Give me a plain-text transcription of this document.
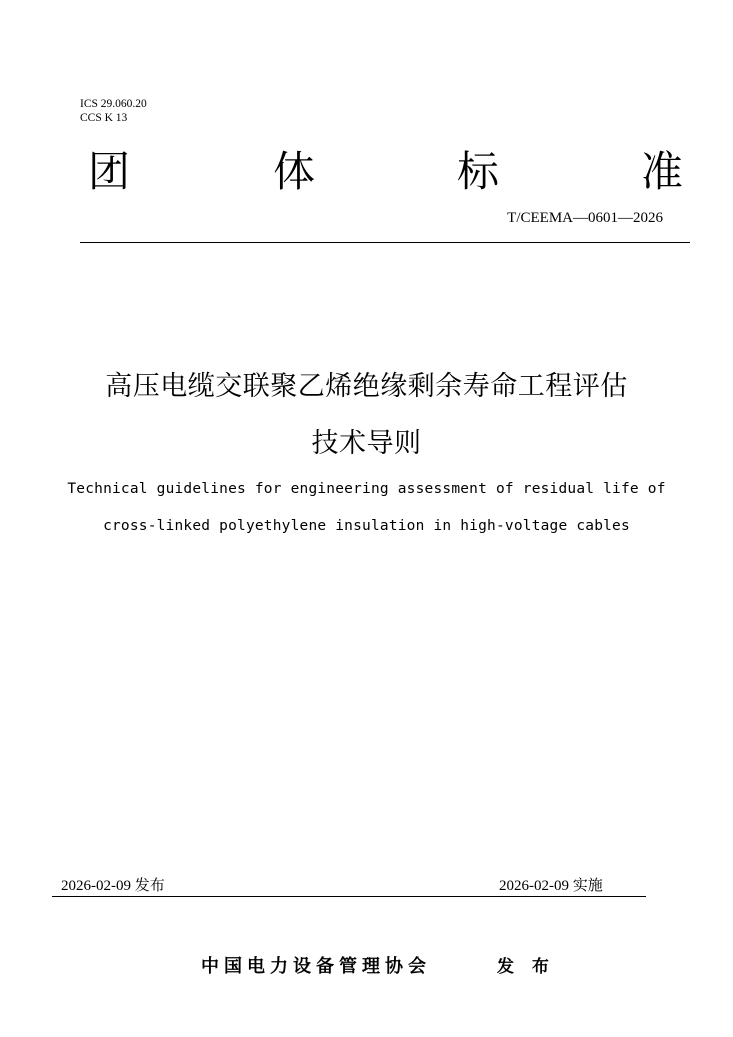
ICS 29.060.20
CCS K 13
团	体	标	准
T/CEEMA—0601—2026
高压电缆交联聚乙烯绝缘剩余寿命工程评估
技术导则
Technical guidelines for engineering assessment of residual life of
cross-linked polyethylene insulation in high-voltage cables
2026-02-09 发布	2026-02-09 实施
中国电力设备管理协会	发 布
